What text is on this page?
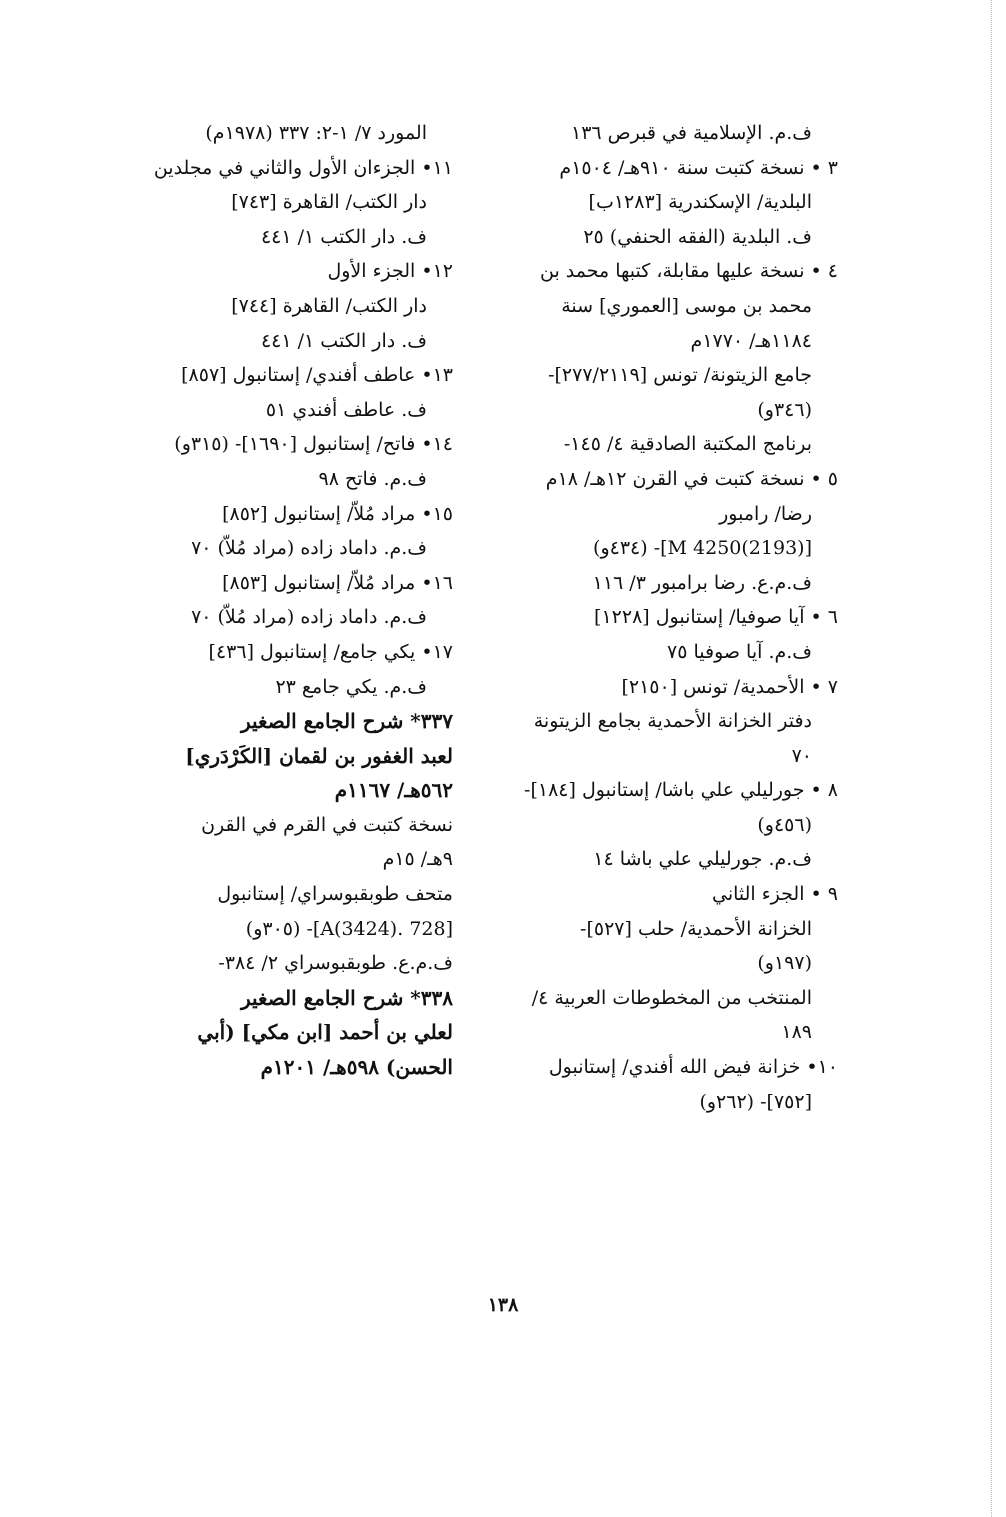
ف.م. الإسلامية في قبرص ١٣٦
٣ • نسخة كتبت سنة ٩١٠هـ/ ١٥٠٤م
البلدية/ الإسكندرية [١٢٨٣ب]
ف. البلدية (الفقه الحنفي) ٢٥
٤ • نسخة عليها مقابلة، كتبها محمد بن
محمد بن موسى [العموري] سنة
١١٨٤هـ/ ١٧٧٠م
جامع الزيتونة/ تونس [٢٧٧/٢١١٩]-
(٣٤٦و)
برنامج المكتبة الصادقية ٤/ ١٤٥-
٥ • نسخة كتبت في القرن ١٢هـ/ ١٨م
رضا/ رامبور
[M 4250(2193)]- (٤٣٤و)
ف.م.ع. رضا برامبور ٣/ ١١٦
٦ • آيا صوفيا/ إستانبول [١٢٢٨]
ف.م. آيا صوفيا ٧٥
٧ • الأحمدية/ تونس [٢١٥٠]
دفتر الخزانة الأحمدية بجامع الزيتونة
٧٠
٨ • جورليلي علي باشا/ إستانبول [١٨٤]-
(٤٥٦و)
ف.م. جورليلي علي باشا ١٤
٩ • الجزء الثاني
الخزانة الأحمدية/ حلب [٥٢٧]-
(١٩٧و)
المنتخب من المخطوطات العربية ٤/
١٨٩
١٠• خزانة فيض الله أفندي/ إستانبول
[٧٥٢]- (٢٦٢و)
المورد ٧/ ١-٢: ٣٣٧ (١٩٧٨م)
١١• الجزءان الأول والثاني في مجلدين
دار الكتب/ القاهرة [٧٤٣]
ف. دار الكتب ١/ ٤٤١
١٢• الجزء الأول
دار الكتب/ القاهرة [٧٤٤]
ف. دار الكتب ١/ ٤٤١
١٣• عاطف أفندي/ إستانبول [٨٥٧]
ف. عاطف أفندي ٥١
١٤• فاتح/ إستانبول [١٦٩٠]- (٣١٥و)
ف.م. فاتح ٩٨
١٥• مراد مُلاّ/ إستانبول [٨٥٢]
ف.م. داماد زاده (مراد مُلاّ) ٧٠
١٦• مراد مُلاّ/ إستانبول [٨٥٣]
ف.م. داماد زاده (مراد مُلاّ) ٧٠
١٧• يكي جامع/ إستانبول [٤٣٦]
ف.م. يكي جامع ٢٣
٣٣٧* شرح الجامع الصغير
لعبد الغفور بن لقمان [الكَرْدَري]
٥٦٢هـ/ ١١٦٧م
نسخة كتبت في القرم في القرن
٩هـ/ ١٥م
متحف طوبقبوسراي/ إستانبول
[728 .A(3424)]- (٣٠٥و)
ف.م.ع. طوبقبوسراي ٢/ ٣٨٤-
٣٣٨* شرح الجامع الصغير
لعلي بن أحمد [ابن مكي] (أبي
الحسن) ٥٩٨هـ/ ١٢٠١م
١٣٨
